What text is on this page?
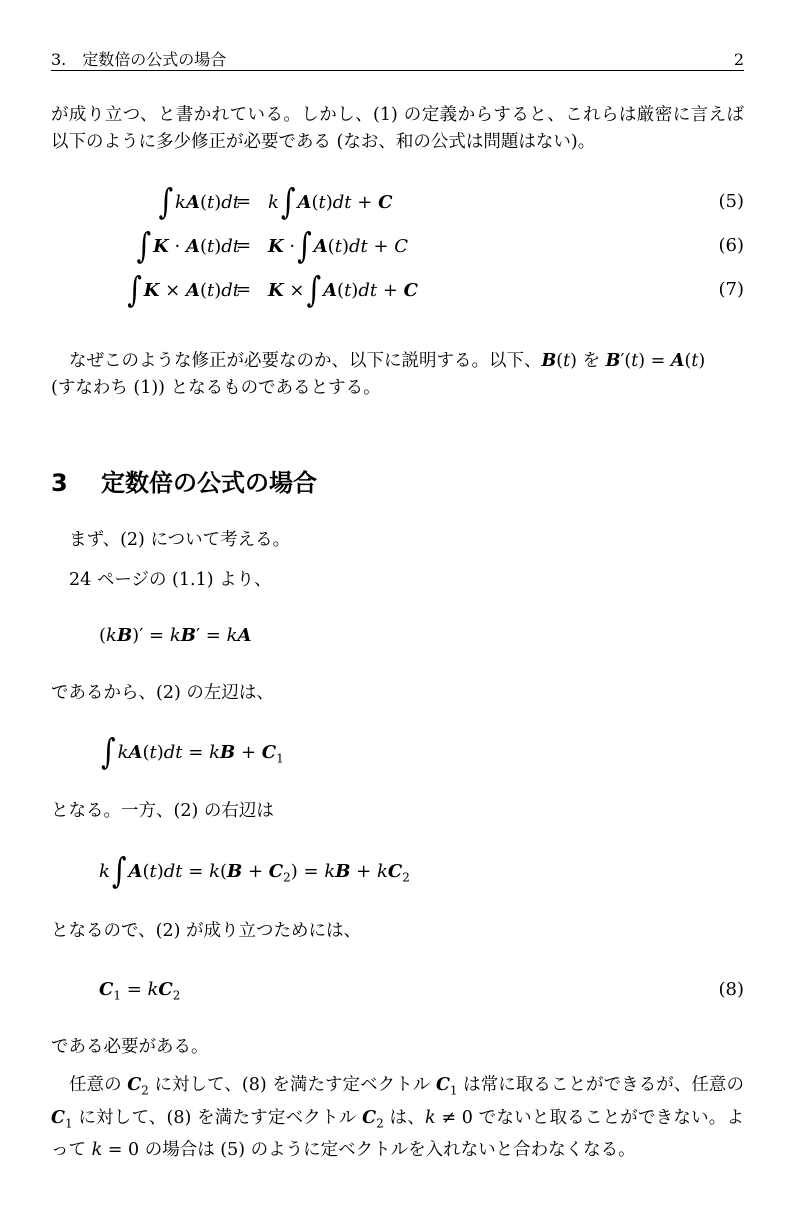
3.　定数倍の公式の場合	2
が成り立つ、と書かれている。しかし、(1) の定義からすると、これらは厳密に言えば以下のように多少修正が必要である (なお、和の公式は問題はない)。
∫ kA(t)dt
= k∫ A(t)dt + C	(5)
∫ K · A(t)dt
= K ·∫ A(t)dt + C	(6)
∫ K × A(t)dt
= K ×∫ A(t)dt + C	(7)
なぜこのような修正が必要なのか、以下に説明する。以下、B(t) を B′(t) = A(t)
(すなわち (1)) となるものであるとする。
3 定数倍の公式の場合
まず、(2) について考える。
24 ページの (1.1) より、
(kB)′ = kB′ = kA
であるから、(2) の左辺は、
∫ kA(t)dt = kB + $C_1$
となる。一方、(2) の右辺は
k∫ $A(t)dt = k(B + C_2)$ = kB + $kC_2$
となるので、(2) が成り立つためには、
$C_1 = kC_2$	(8)
である必要がある。
任意の $C_2$ に対して、(8) を満たす定ベクトル $C_1$ は常に取ることができるが、任意の $C_1$ に対して、(8) を満たす定ベクトル $C_2$ は、k ≠ 0 でないと取ることができない。よって k = 0 の場合は (5) のように定ベクトルを入れないと合わなくなる。
